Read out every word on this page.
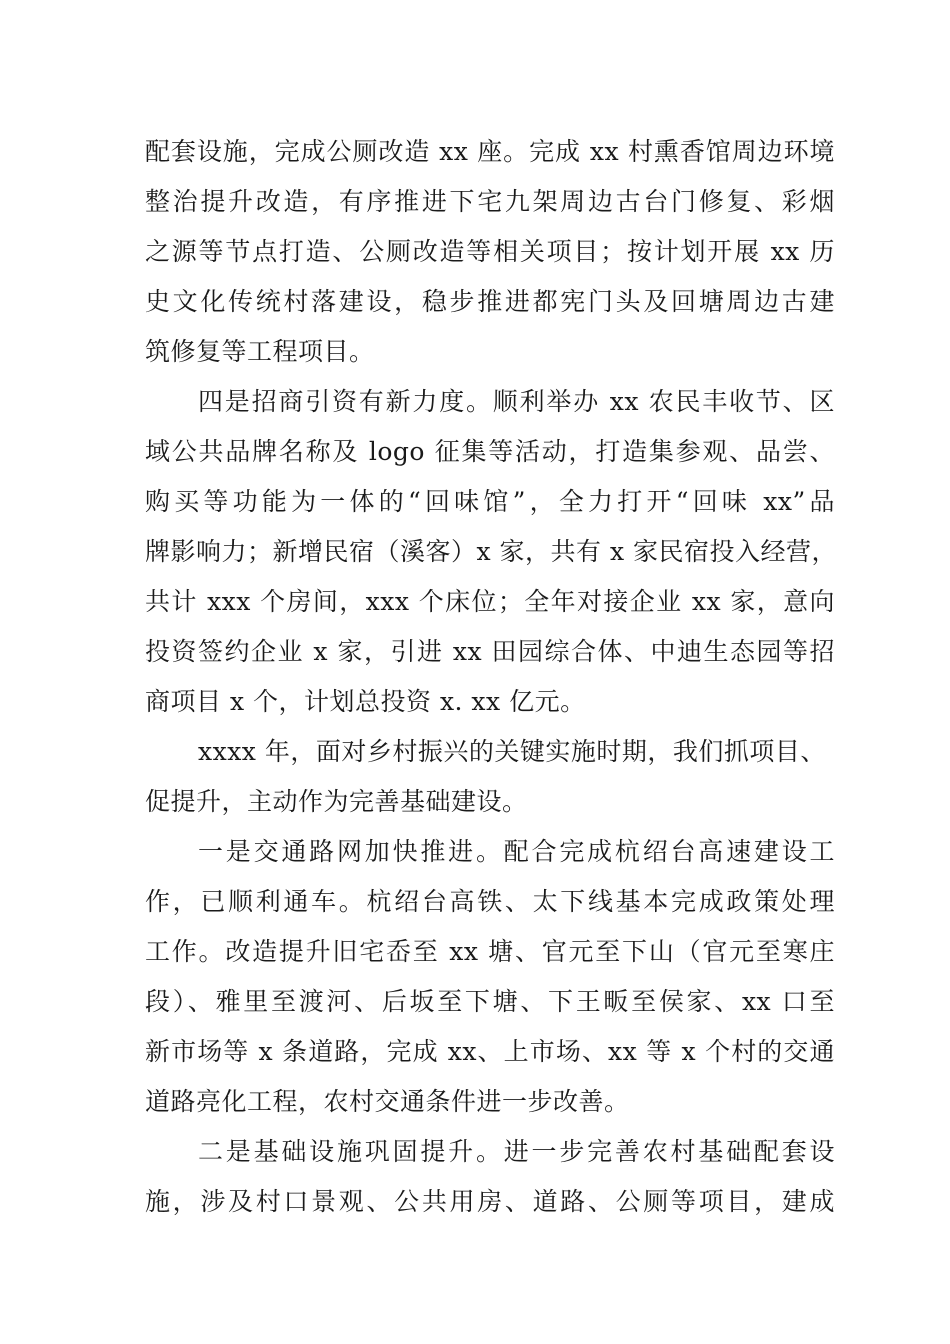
配套设施，完成公厕改造 xx 座。完成 xx 村熏香馆周边环境
整治提升改造，有序推进下宅九架周边古台门修复、彩烟
之源等节点打造、公厕改造等相关项目；按计划开展 xx 历
史文化传统村落建设，稳步推进都宪门头及回塘周边古建
筑修复等工程项目。
四是招商引资有新力度。顺利举办 xx 农民丰收节、区
域公共品牌名称及 logo 征集等活动，打造集参观、品尝、
购买等功能为一体的“回味馆”，全力打开“回味 xx”品
牌影响力；新增民宿（溪客）x 家，共有 x 家民宿投入经营，
共计 xxx 个房间，xxx 个床位；全年对接企业 xx 家，意向
投资签约企业 x 家，引进 xx 田园综合体、中迪生态园等招
商项目 x 个，计划总投资 x. xx 亿元。
xxxx 年，面对乡村振兴的关键实施时期，我们抓项目、
促提升，主动作为完善基础建设。
一是交通路网加快推进。配合完成杭绍台高速建设工
作，已顺利通车。杭绍台高铁、太下线基本完成政策处理
工作。改造提升旧宅岙至 xx 塘、官元至下山（官元至寒庄
段）、雅里至渡河、后坂至下塘、下王畈至侯家、xx 口至
新市场等 x 条道路，完成 xx、上市场、xx 等 x 个村的交通
道路亮化工程，农村交通条件进一步改善。
二是基础设施巩固提升。进一步完善农村基础配套设
施，涉及村口景观、公共用房、道路、公厕等项目，建成
